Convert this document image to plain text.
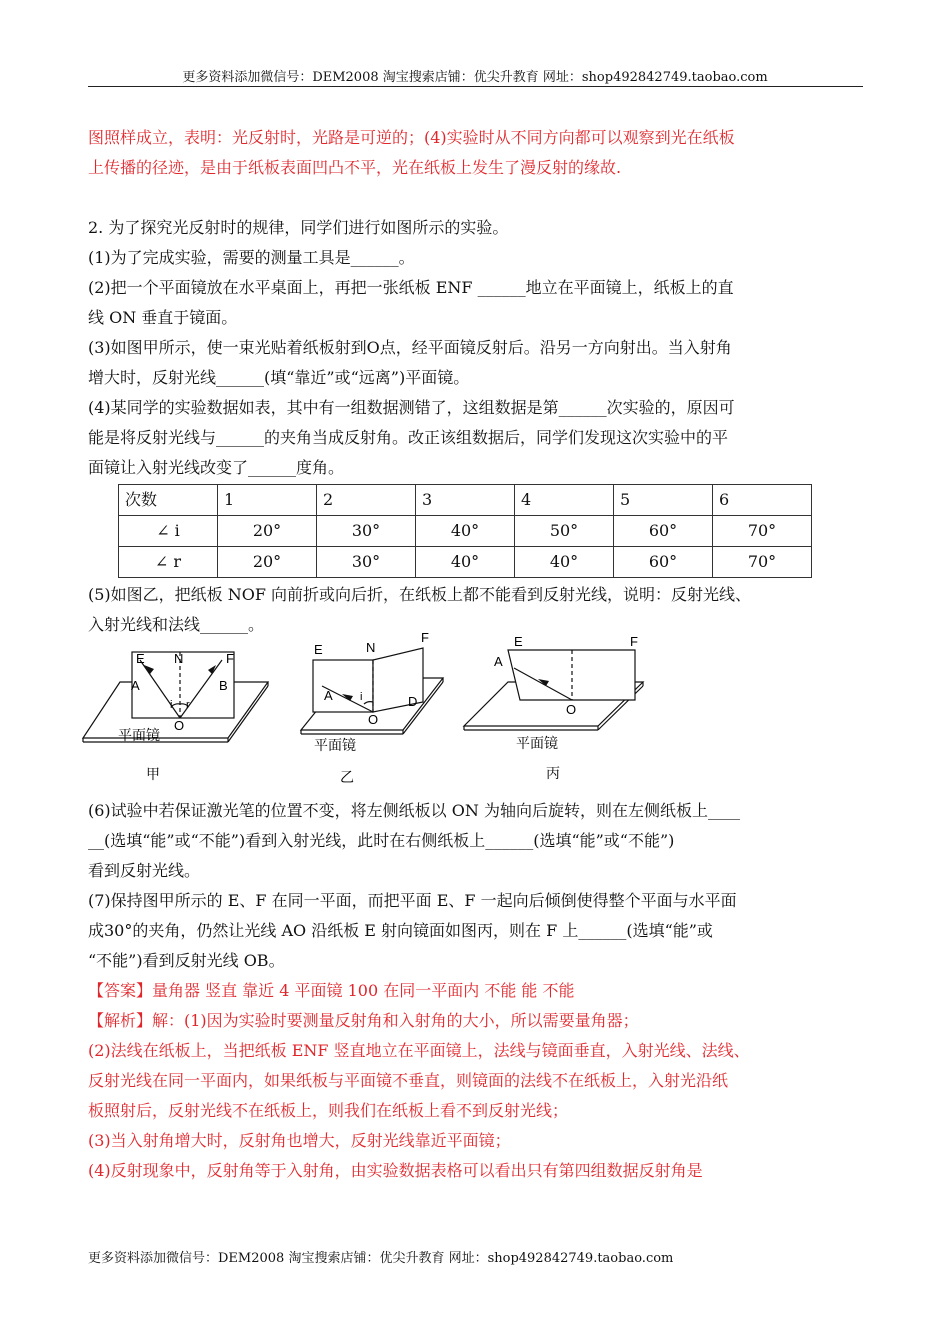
更多资料添加微信号：DEM2008 淘宝搜索店铺：优尖升教育 网址：shop492842749.taobao.com

图照样成立，表明：光反射时，光路是可逆的；(4)实验时从不同方向都可以观察到光在纸板

上传播的径迹，是由于纸板表面凹凸不平，光在纸板上发生了漫反射的缘故.

2. 为了探究光反射时的规律，同学们进行如图所示的实验。

(1)为了完成实验，需要的测量工具是______。

(2)把一个平面镜放在水平桌面上，再把一张纸板 ENF ______地立在平面镜上，纸板上的直

线 ON 垂直于镜面。

(3)如图甲所示，使一束光贴着纸板射到O点，经平面镜反射后。沿另一方向射出。当入射角

增大时，反射光线______(填“靠近”或“远离”)平面镜。

(4)某同学的实验数据如表，其中有一组数据测错了，这组数据是第______次实验的，原因可

能是将反射光线与______的夹角当成反射角。改正该组数据后，同学们发现这次实验中的平

面镜让入射光线改变了______度角。

次数	1	2	3	4	5	6
∠ i	20°	30°	40°	50°	60°	70°
∠ r	20°	30°	40°	40°	60°	70°

(5)如图乙，把纸板 NOF 向前折或向后折，在纸板上都不能看到反射光线，说明：反射光线、

入射光线和法线______。

E N	F
A	B
O
i r
平面镜
甲
E	N
F
A	D
O
i
平面镜
乙
E	F
A
O
平面镜
丙

(6)试验中若保证激光笔的位置不变，将左侧纸板以 ON 为轴向后旋转，则在左侧纸板上____

__(选填“能”或“不能”)看到入射光线，此时在右侧纸板上______(选填“能”或“不能”)

看到反射光线。

(7)保持图甲所示的 E、F 在同一平面，而把平面 E、F 一起向后倾倒使得整个平面与水平面

成30°的夹角，仍然让光线 AO 沿纸板 E 射向镜面如图丙，则在 F 上______(选填“能”或

“不能”)看到反射光线 OB。

【答案】量角器 竖直 靠近 4 平面镜 100 在同一平面内 不能 能 不能

【解析】解：(1)因为实验时要测量反射角和入射角的大小，所以需要量角器；

(2)法线在纸板上，当把纸板 ENF 竖直地立在平面镜上，法线与镜面垂直，入射光线、法线、

反射光线在同一平面内，如果纸板与平面镜不垂直，则镜面的法线不在纸板上，入射光沿纸

板照射后，反射光线不在纸板上，则我们在纸板上看不到反射光线；

(3)当入射角增大时，反射角也增大，反射光线靠近平面镜；

(4)反射现象中，反射角等于入射角，由实验数据表格可以看出只有第四组数据反射角是

更多资料添加微信号：DEM2008 淘宝搜索店铺：优尖升教育 网址：shop492842749.taobao.com
